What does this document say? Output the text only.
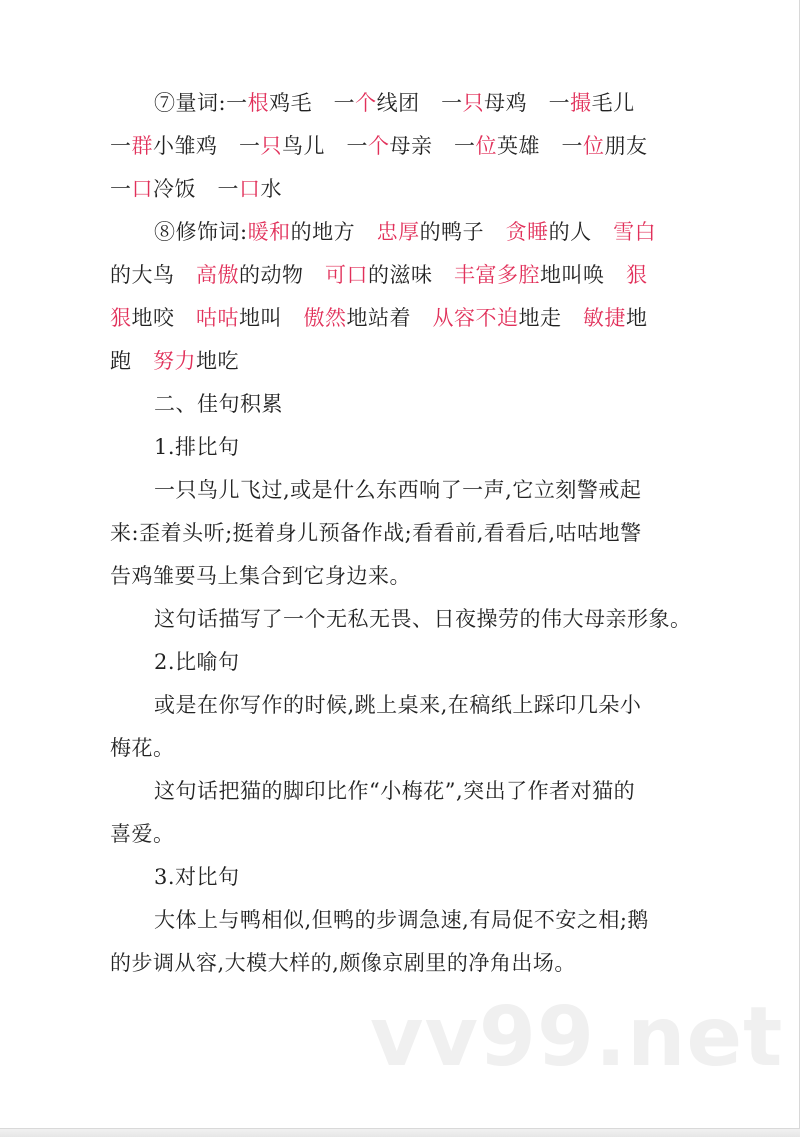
⑦量词:一根鸡毛　一个线团　一只母鸡　一撮毛儿
一群小雏鸡　一只鸟儿　一个母亲　一位英雄　一位朋友
一口冷饭　一口水
⑧修饰词:暖和的地方　忠厚的鸭子　贪睡的人　雪白
的大鸟　高傲的动物　可口的滋味　丰富多腔地叫唤　狠
狠地咬　咕咕地叫　傲然地站着　从容不迫地走　敏捷地
跑　努力地吃
二、佳句积累
1.排比句
一只鸟儿飞过,或是什么东西响了一声,它立刻警戒起
来:歪着头听;挺着身儿预备作战;看看前,看看后,咕咕地警
告鸡雏要马上集合到它身边来。
这句话描写了一个无私无畏、日夜操劳的伟大母亲形象。
2.比喻句
或是在你写作的时候,跳上桌来,在稿纸上踩印几朵小
梅花。
这句话把猫的脚印比作“小梅花”,突出了作者对猫的
喜爱。
3.对比句
大体上与鸭相似,但鸭的步调急速,有局促不安之相;鹅
的步调从容,大模大样的,颇像京剧里的净角出场。
vv99.net
